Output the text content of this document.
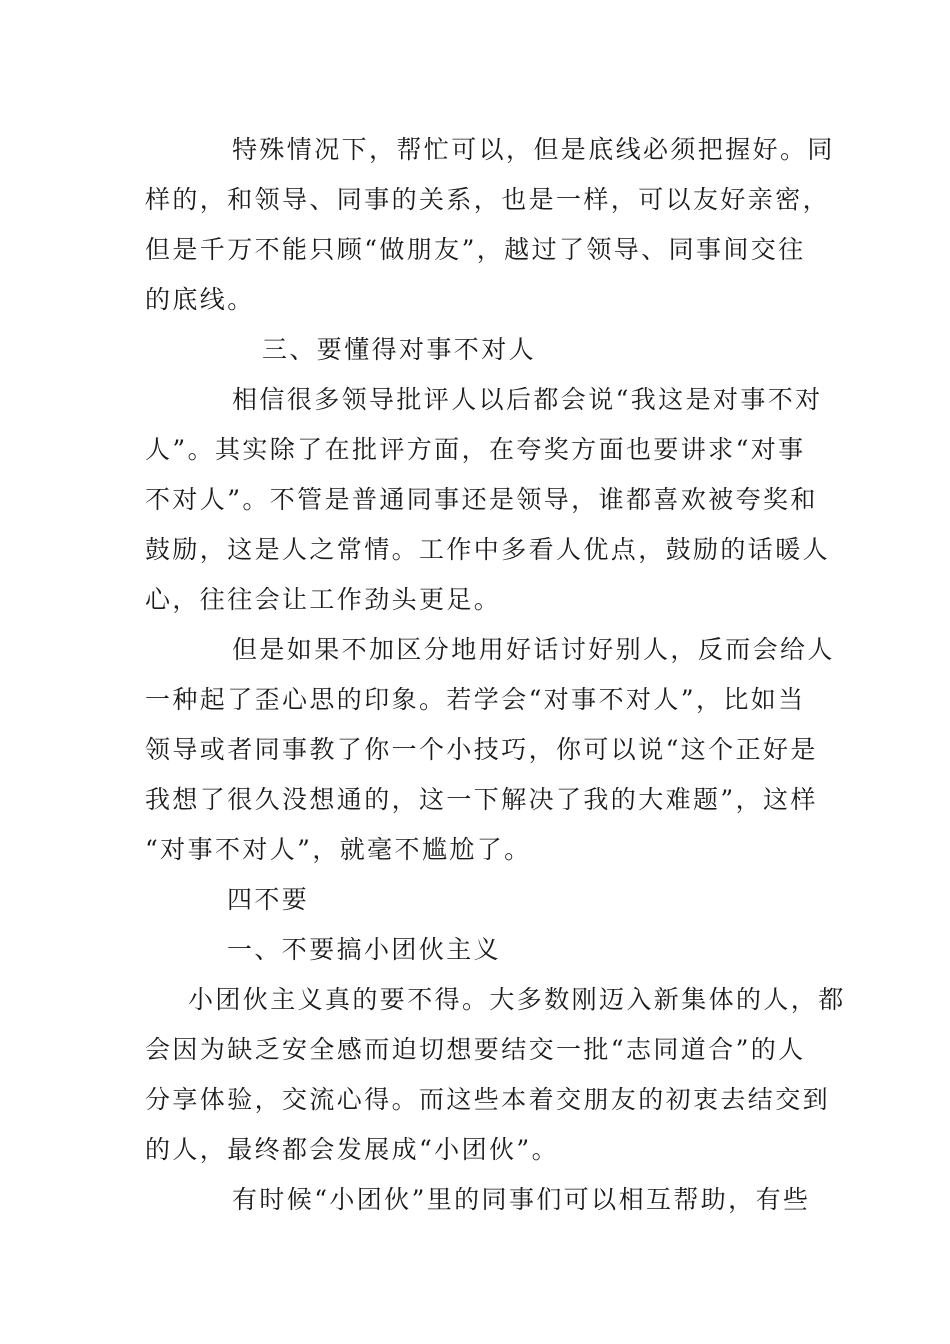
特殊情况下，帮忙可以，但是底线必须把握好。同

样的，和领导、同事的关系，也是一样，可以友好亲密，

但是千万不能只顾“做朋友”，越过了领导、同事间交往

的底线。

三、要懂得对事不对人

相信很多领导批评人以后都会说“我这是对事不对

人”。其实除了在批评方面，在夸奖方面也要讲求“对事

不对人”。不管是普通同事还是领导，谁都喜欢被夸奖和

鼓励，这是人之常情。工作中多看人优点，鼓励的话暖人

心，往往会让工作劲头更足。

但是如果不加区分地用好话讨好别人，反而会给人

一种起了歪心思的印象。若学会“对事不对人”，比如当

领导或者同事教了你一个小技巧，你可以说“这个正好是

我想了很久没想通的，这一下解决了我的大难题”，这样

“对事不对人”，就毫不尴尬了。

四不要

一、不要搞小团伙主义

小团伙主义真的要不得。大多数刚迈入新集体的人，都

会因为缺乏安全感而迫切想要结交一批“志同道合”的人

分享体验，交流心得。而这些本着交朋友的初衷去结交到

的人，最终都会发展成“小团伙”。

有时候“小团伙”里的同事们可以相互帮助，有些
